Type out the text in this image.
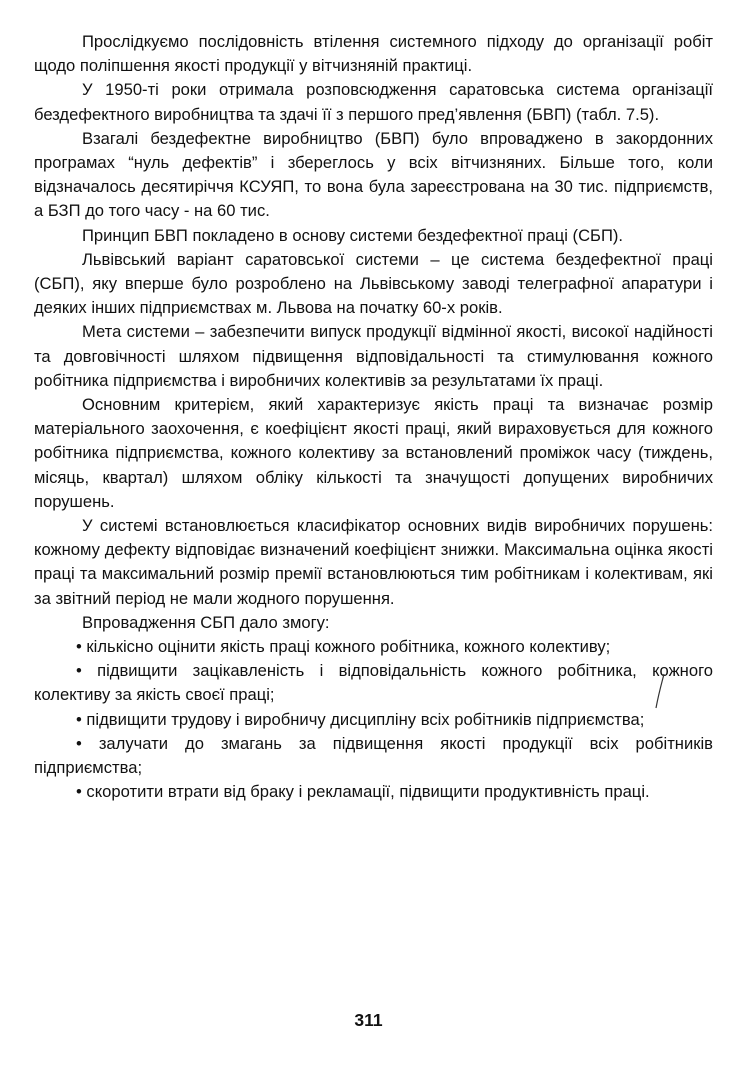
Прослідкуємо послідовність втілення системного підходу до організації робіт щодо поліпшення якості продукції у вітчизняній практиці.

У 1950-ті роки отримала розповсюдження саратовська система організації бездефектного виробництва та здачі її з першого пред’явлення (БВП) (табл. 7.5).

Взагалі бездефектне виробництво (БВП) було впроваджено в закордонних програмах “нуль дефектів” і збереглось у всіх вітчизняних. Більше того, коли відзначалось десятиріччя КСУЯП, то вона була зареєстрована на 30 тис. підприємств, а БЗП до того часу - на 60 тис.

Принцип БВП покладено в основу системи бездефектної праці (СБП).

Львівський варіант саратовської системи – це система бездефектної праці (СБП), яку вперше було розроблено на Львівському заводі телеграфної апаратури і деяких інших підприємствах м. Львова на початку 60-х років.

Мета системи – забезпечити випуск продукції відмінної якості, високої надійності та довговічності шляхом підвищення відповідальності та стимулювання кожного робітника підприємства і виробничих колективів за результатами їх праці.

Основним критерієм, який характеризує якість праці та визначає розмір матеріального заохочення, є коефіцієнт якості праці, який вираховується для кожного робітника підприємства, кожного колективу за встановлений проміжок часу (тиждень, місяць, квартал) шляхом обліку кількості та значущості допущених виробничих порушень.

У системі встановлюється класифікатор основних видів виробничих порушень: кожному дефекту відповідає визначений коефіцієнт знижки. Максимальна оцінка якості праці та максимальний розмір премії встановлюються тим робітникам і колективам, які за звітний період не мали жодного порушення.

Впровадження СБП дало змогу:

• кількісно оцінити якість праці кожного робітника, кожного колективу;

• підвищити зацікавленість і відповідальність кожного робітника, кожного колективу за якість своєї праці;

• підвищити трудову і виробничу дисципліну всіх робітників підприємства;

• залучати до змагань за підвищення якості продукції всіх робітників підприємства;

• скоротити втрати від браку і рекламації, підвищити продуктивність праці.

311
